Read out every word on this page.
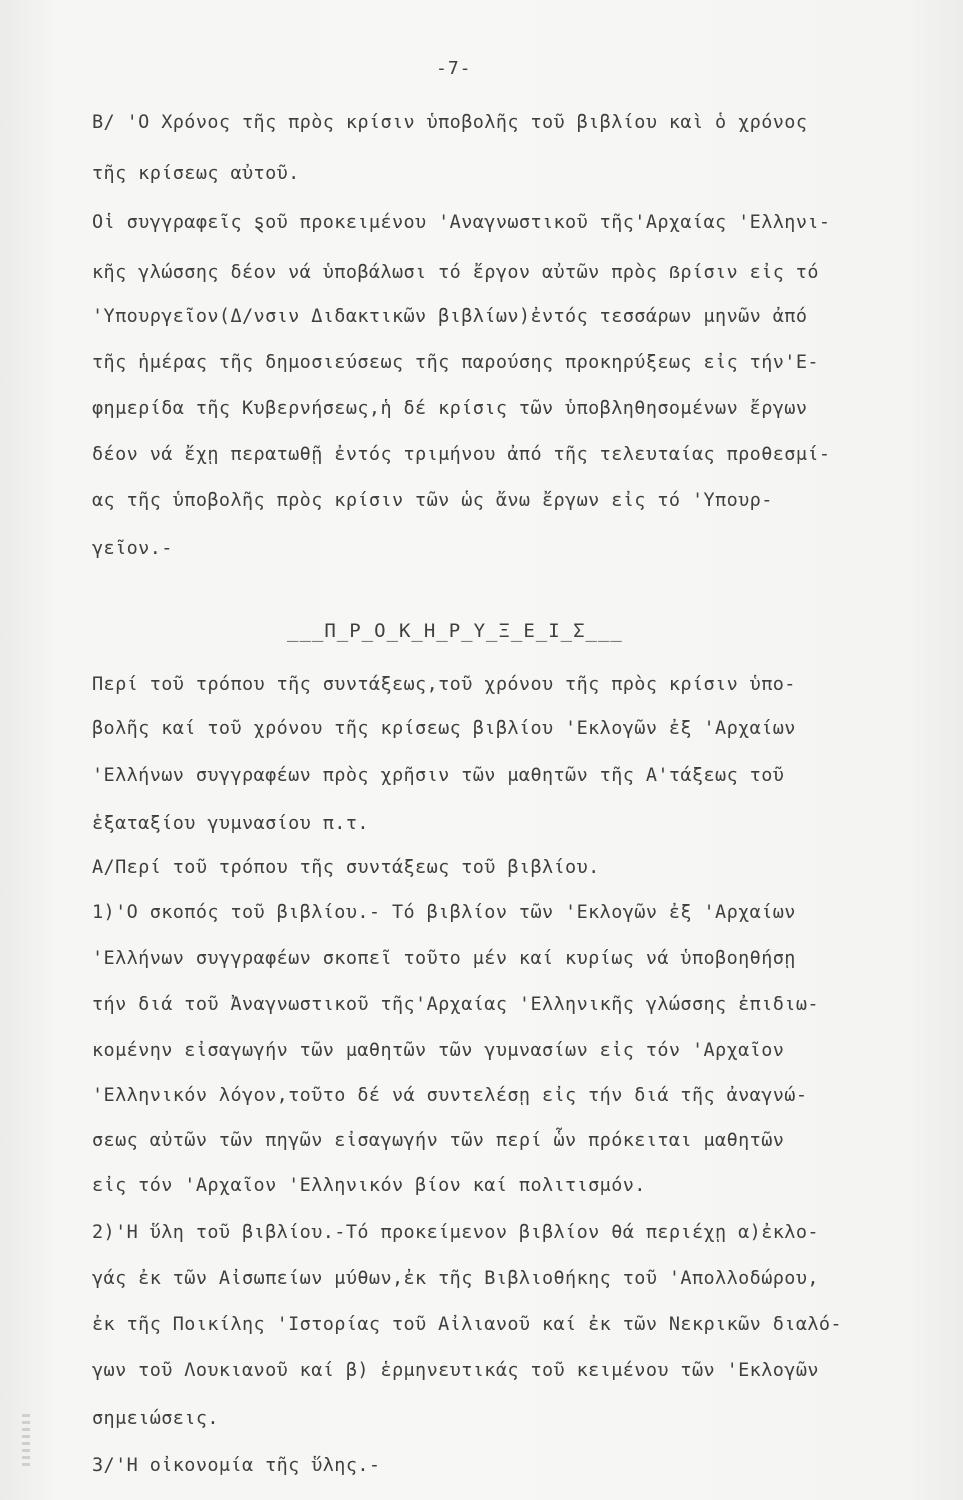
-7-
Β/ 'Ο Χρόνος τῆς πρὸς κρίσιν ὑποβολῆς τοῦ βιβλίου καὶ ὁ χρόνος
τῆς κρίσεως αὐτοῦ.
Οἱ συγγραφεῖς ȿοῦ προκειμένου 'Αναγνωστικοῦ τῆς'Αρχαίας 'Ελληνι-
κῆς γλώσσης δέον νά ὑποβάλωσι τό ἔργον αὐτῶν πρὸς ẞρίσιν εἰς τό
'Υπουργεῖον(Δ/νσιν Διδακτικῶν βιβλίων)ἐντός τεσσάρων μηνῶν ἀπό
τῆς ἡμέρας τῆς δημοσιεύσεως τῆς παρούσης προκηρύξεως εἰς τήν'Ε-
φημερίδα τῆς Κυβερνήσεως,ἡ δέ κρίσις τῶν ὑποβληθησομένων ἔργων
δέον νά ἔχῃ περατωθῇ ἐντός τριμήνου ἀπό τῆς τελευταίας προθεσμί-
ας τῆς ὑποβολῆς πρὸς κρίσιν τῶν ὡς ἄνω ἔργων εἰς τό 'Υπουρ-
γεῖον.-
___Π_Ρ_Ο_Κ_Η_Ρ_Υ_Ξ_Ε_Ι_Σ___
Περί τοῦ τρόπου τῆς συντάξεως,τοῦ χρόνου τῆς πρὸς κρίσιν ὑπο-
βολῆς καί τοῦ χρόνου τῆς κρίσεως βιβλίου 'Εκλογῶν ἐξ 'Αρχαίων
'Ελλήνων συγγραφέων πρὸς χρῆσιν τῶν μαθητῶν τῆς Α'τάξεως τοῦ
ἑξαταξίου γυμνασίου π.τ.
Α/Περί τοῦ τρόπου τῆς συντάξεως τοῦ βιβλίου.
1)'Ο σκοπός τοῦ βιβλίου.- Τό βιβλίον τῶν 'Εκλογῶν ἐξ 'Αρχαίων
'Ελλήνων συγγραφέων σκοπεῖ τοῦτο μέν καί κυρίως νά ὑποβοηθήσῃ
τήν διά τοῦ Ἀναγνωστικοῦ τῆς'Αρχαίας 'Ελληνικῆς γλώσσης ἐπιδιω-
κομένην εἰσαγωγήν τῶν μαθητῶν τῶν γυμνασίων εἰς τόν 'Αρχαῖον
'Ελληνικόν λόγον,τοῦτο δέ νά συντελέσῃ εἰς τήν διά τῆς ἀναγνώ-
σεως αὐτῶν τῶν πηγῶν εἰσαγωγήν τῶν περί ὧν πρόκειται μαθητῶν
εἰς τόν 'Αρχαῖον 'Ελληνικόν βίον καί πολιτισμόν.
2)'Η ὕλη τοῦ βιβλίου.-Τό προκείμενον βιβλίον θά περιέχῃ α)ἐκλο-
γάς ἐκ τῶν Αἰσωπείων μύθων,ἐκ τῆς Βιβλιοθήκης τοῦ 'Απολλοδώρου,
ἐκ τῆς Ποικίλης 'Ιστορίας τοῦ Αἰλιανοῦ καί ἐκ τῶν Νεκρικῶν διαλό-
γων τοῦ Λουκιανοῦ καί β) ἑρμηνευτικάς τοῦ κειμένου τῶν 'Εκλογῶν
σημειώσεις.
3/'Η οἰκονομία τῆς ὕλης.-
